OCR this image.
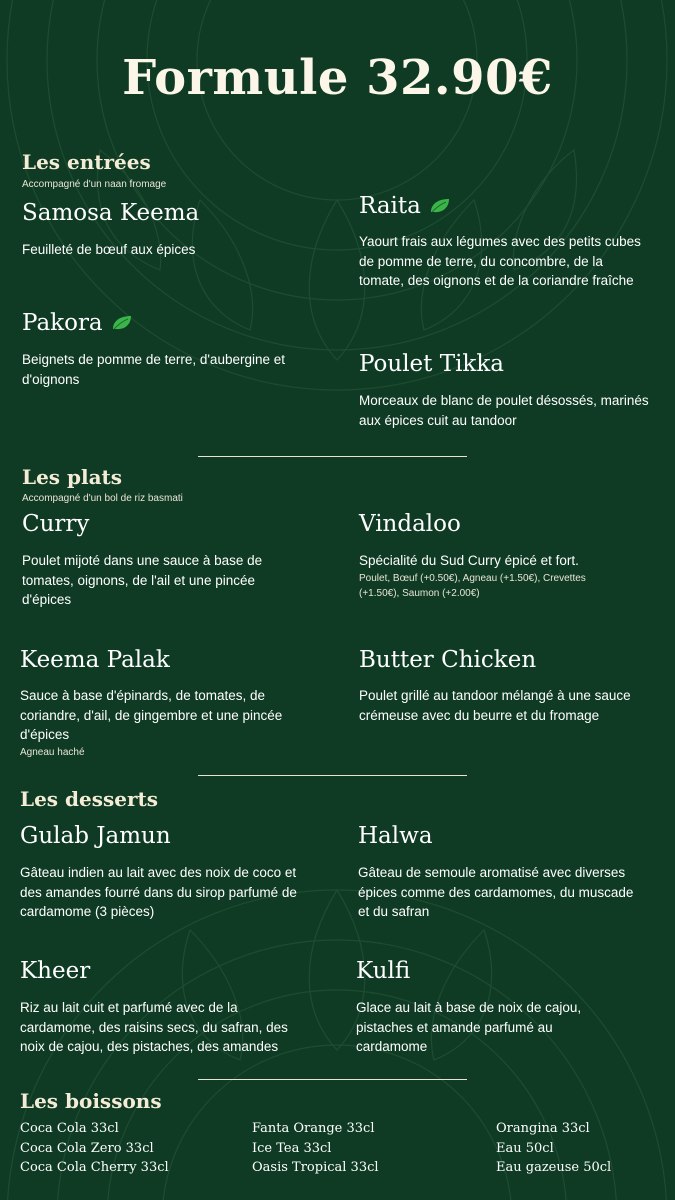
Formule 32.90€
Les entrées
Accompagné d'un naan fromage
Samosa Keema
Feuilleté de bœuf aux épices
Raita
Yaourt frais aux légumes avec des petits cubes de pomme de terre, du concombre, de la tomate, des oignons et de la coriandre fraîche
Pakora
Beignets de pomme de terre, d'aubergine et d'oignons
Poulet Tikka
Morceaux de blanc de poulet désossés, marinés aux épices cuit au tandoor
Les plats
Accompagné d'un bol de riz basmati
Curry
Poulet mijoté dans une sauce à base de tomates, oignons, de l'ail et une pincée d'épices
Vindaloo
Spécialité du Sud Curry épicé et fort.
Poulet, Bœuf (+0.50€), Agneau (+1.50€), Crevettes (+1.50€), Saumon (+2.00€)
Keema Palak
Sauce à base d'épinards, de tomates, de coriandre, d'ail, de gingembre et une pincée d'épices
Agneau haché
Butter Chicken
Poulet grillé au tandoor mélangé à une sauce crémeuse avec du beurre et du fromage
Les desserts
Gulab Jamun
Gâteau indien au lait avec des noix de coco et des amandes fourré dans du sirop parfumé de cardamome (3 pièces)
Halwa
Gâteau de semoule aromatisé avec diverses épices comme des cardamomes, du muscade et du safran
Kheer
Riz au lait cuit et parfumé avec de la cardamome, des raisins secs, du safran, des noix de cajou, des pistaches, des amandes
Kulfi
Glace au lait à base de noix de cajou, pistaches et amande parfumé au cardamome
Les boissons
Coca Cola 33cl
Coca Cola Zero 33cl
Coca Cola Cherry 33cl
Fanta Orange 33cl
Ice Tea 33cl
Oasis Tropical 33cl
Orangina 33cl
Eau 50cl
Eau gazeuse 50cl
